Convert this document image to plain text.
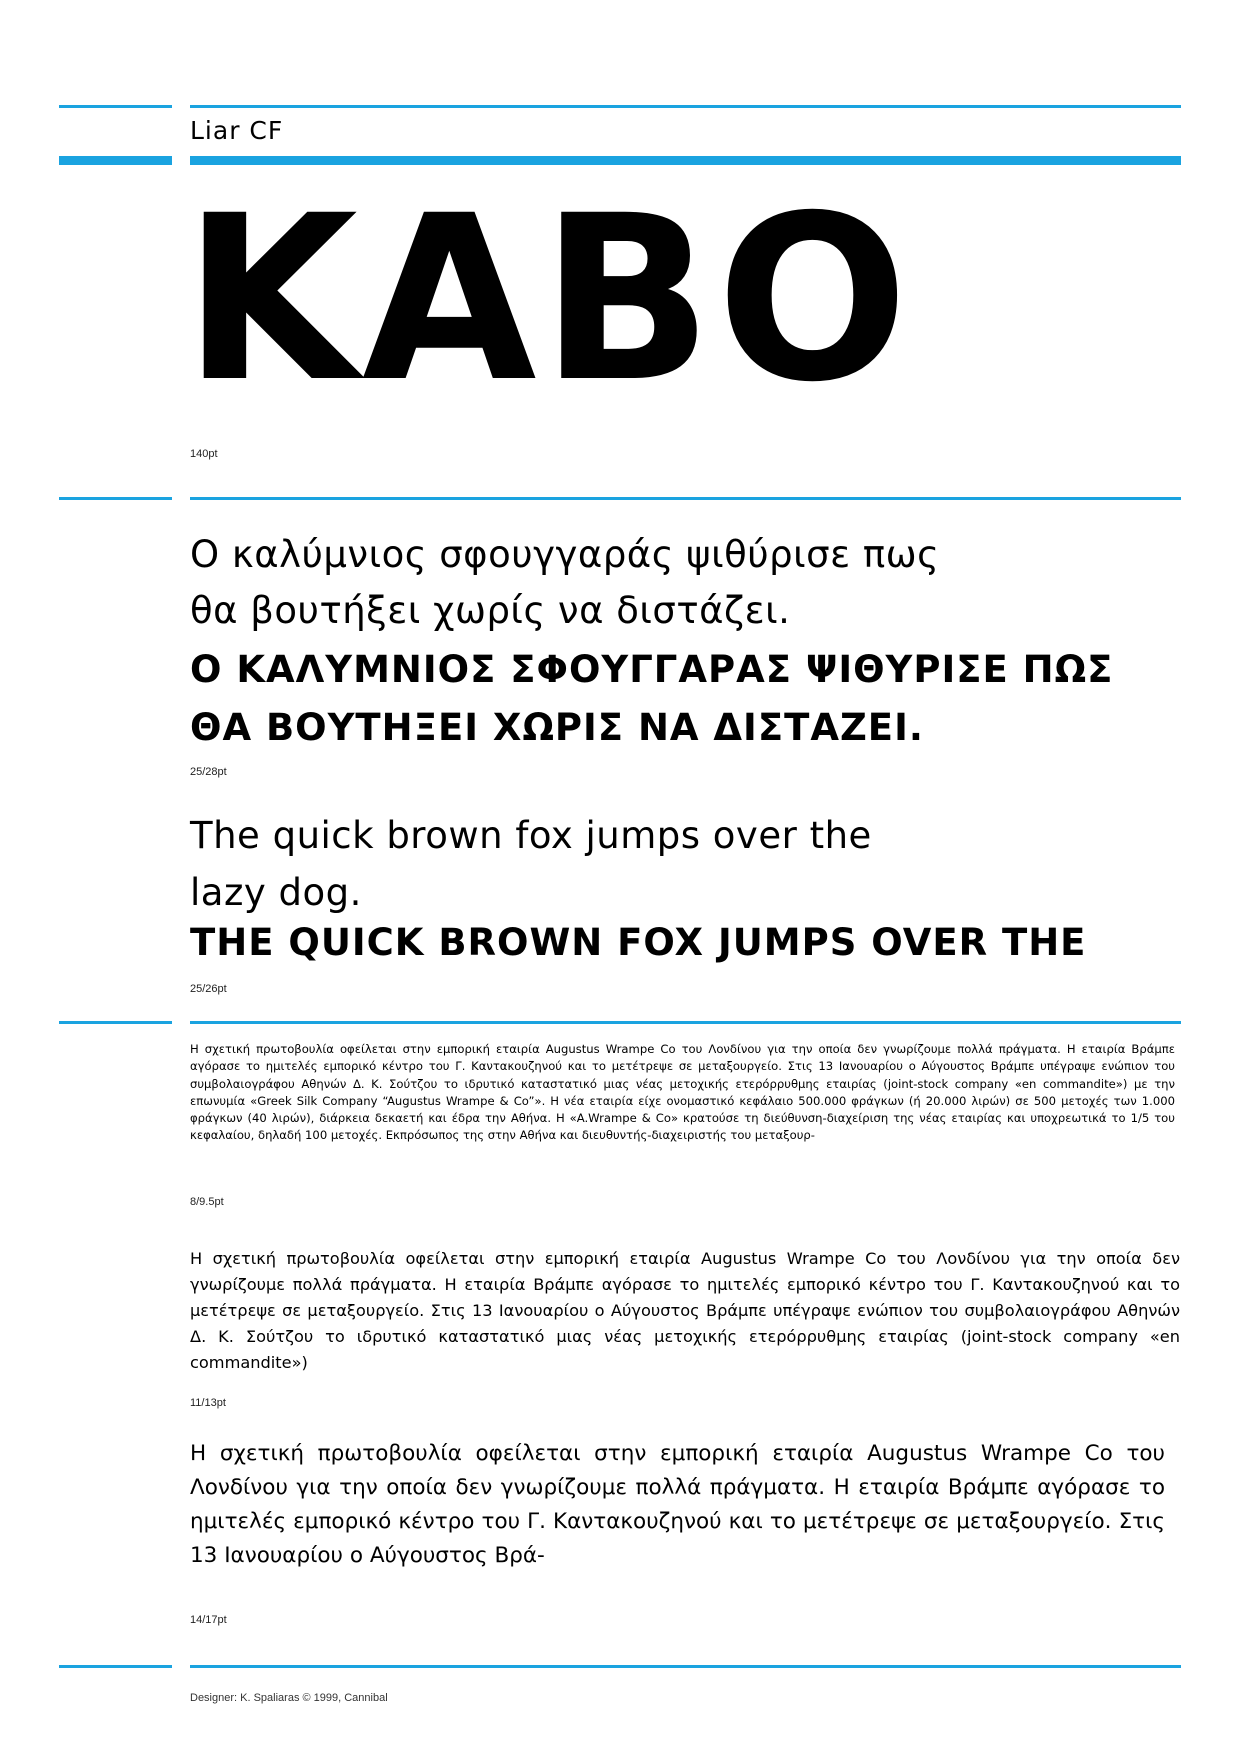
Liar CF
KABO
140pt
Ο καλύμνιος σφουγγαράς ψιθύρισε πως
θα βουτήξει χωρίς να διστάζει.
Ο ΚΑΛΥΜΝΙΟΣ ΣΦΟΥΓΓΑΡΑΣ ΨΙΘΥΡΙΣΕ ΠΩΣ
ΘΑ ΒΟΥΤΗΞΕΙ ΧΩΡΙΣ ΝΑ ΔΙΣΤΑΖΕΙ.
25/28pt
The quick brown fox jumps over the
lazy dog.
THE QUICK BROWN FOX JUMPS OVER THE
25/26pt
Η σχετική πρωτοβουλία οφείλεται στην εμπορική εταιρία Augustus Wrampe Co του Λονδίνου για την οποία δεν γνωρίζουμε πολλά πράγματα. Η εταιρία Βράμπε αγόρασε το ημιτελές εμπορικό κέντρο του Γ. Καντακουζηνού και το μετέτρεψε σε μεταξουργείο. Στις 13 Ιανουαρίου ο Αύγουστος Βράμπε υπέγραψε ενώπιον του συμβολαιογράφου Αθηνών Δ. Κ. Σούτζου το ιδρυτικό καταστατικό μιας νέας μετοχικής ετερόρρυθμης εταιρίας (joint-stock company «en commandite») με την επωνυμία «Greek Silk Company “Augustus Wrampe & Co”». Η νέα εταιρία είχε ονομαστικό κεφάλαιο 500.000 φράγκων (ή 20.000 λιρών) σε 500 μετοχές των 1.000 φράγκων (40 λιρών), διάρκεια δεκαετή και έδρα την Αθήνα. Η «A.Wrampe & Co» κρατούσε τη διεύθυνση-διαχείριση της νέας εταιρίας και υποχρεωτικά το 1/5 του κεφαλαίου, δηλαδή 100 μετοχές. Εκπρόσωπος της στην Αθήνα και διευθυντής-διαχειριστής του μεταξουρ-
8/9.5pt
Η σχετική πρωτοβουλία οφείλεται στην εμπορική εταιρία Augustus Wrampe Co του Λονδίνου για την οποία δεν γνωρίζουμε πολλά πράγματα. Η εταιρία Βράμπε αγόρασε το ημιτελές εμπορικό κέντρο του Γ. Καντακουζηνού και το μετέτρεψε σε μεταξουργείο. Στις 13 Ιανουαρίου ο Αύγουστος Βράμπε υπέγραψε ενώπιον του συμβολαιογράφου Αθηνών Δ. Κ. Σούτζου το ιδρυτικό καταστατικό μιας νέας μετοχικής ετερόρρυθμης εταιρίας (joint-stock company «en commandite»)
11/13pt
Η σχετική πρωτοβουλία οφείλεται στην εμπορική εταιρία Augustus Wrampe Co του Λονδίνου για την οποία δεν γνωρίζουμε πολλά πράγματα. Η εταιρία Βράμπε αγόρασε το ημιτελές εμπορικό κέντρο του Γ. Καντακουζηνού και το μετέτρεψε σε μεταξουργείο. Στις 13 Ιανουαρίου ο Αύγουστος Βρά-
14/17pt
Designer: K. Spaliaras © 1999, Cannibal
